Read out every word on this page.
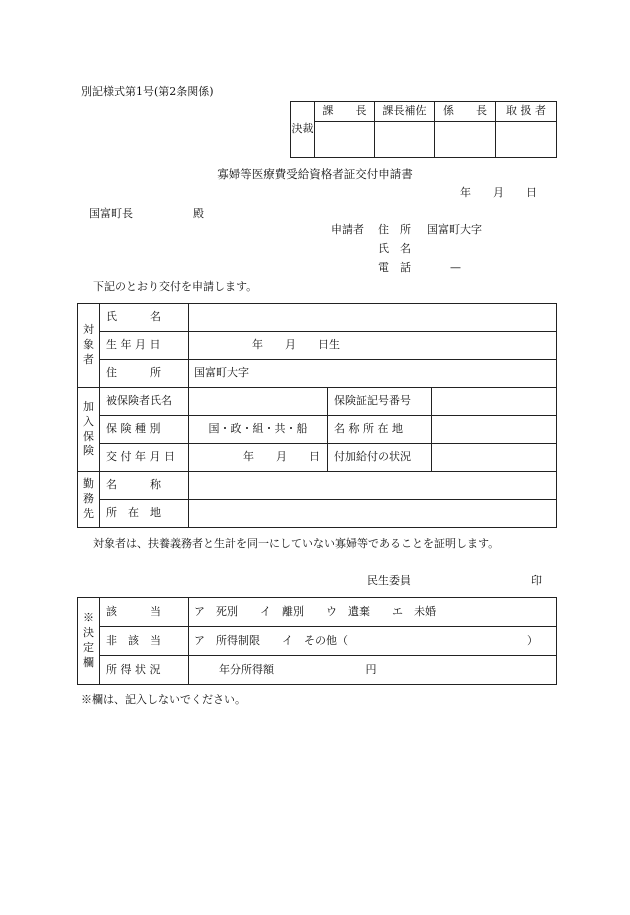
別記様式第1号(第2条関係)
決裁	課　　長	課長補佐	係　　長	取 扱 者

寡婦等医療費受給資格者証交付申請書
年　　月　　日
国富町長	殿
申請者 住　所 国富町大字
氏　名
電　話	—
下記のとおり交付を申請します。
対象者	氏　　　名			
	生 年 月 日	年　　月　　日生		
	住　　　所	国富町大字		
加入保険	被保険者氏名		保険証記号番号	
	保 険 種 別	国・政・組・共・船	名 称 所 在 地	
	交 付 年 月 日	年　　月　　日	付加給付の状況	
勤務先	名　　　称			
	所　在　地			
対象者は、扶養義務者と生計を同一にしていない寡婦等であることを証明します。
民生委員	印
※決定欄	該　　　当	ア　死別　　イ　離別　　ウ　遺棄　　エ　未婚
	非　該　当	ア　所得制限　　イ　その他（ ）

	所 得 状 況	年分所得額 円
※欄は、記入しないでください。
